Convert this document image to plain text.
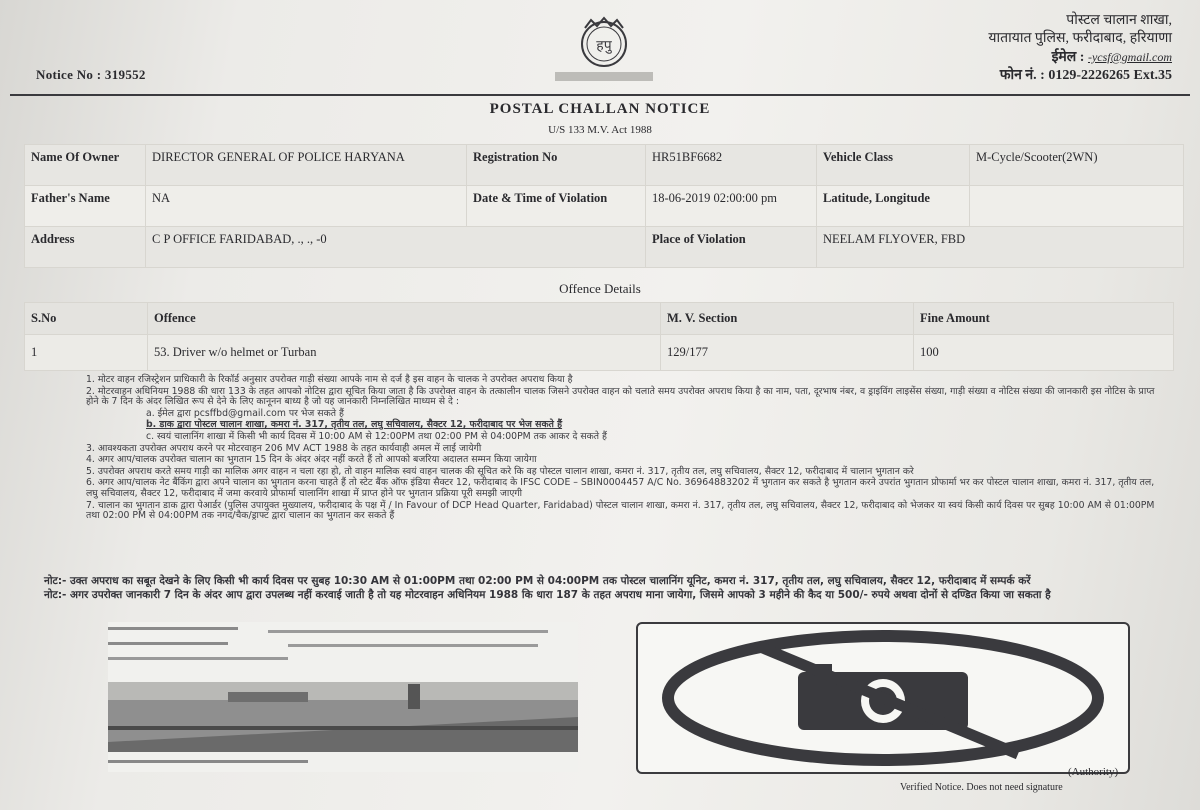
Notice No : 319552
हपु
पोस्टल चालान शाखा,
यातायात पुलिस, फरीदाबाद, हरियाणा
ईमेल : -ycsf@gmail.com
फोन नं. : 0129-2226265 Ext.35
POSTAL CHALLAN NOTICE
U/S 133 M.V. Act 1988
Name Of Owner	DIRECTOR GENERAL OF POLICE HARYANA	Registration No	HR51BF6682	Vehicle Class	M-Cycle/Scooter(2WN)
Father's Name	NA	Date & Time of Violation	18-06-2019 02:00:00 pm	Latitude, Longitude	
Address	C P OFFICE FARIDABAD, ., ., -0		Place of Violation	NEELAM FLYOVER, FBD	
Offence Details
S.No	Offence	M. V. Section	Fine Amount
1	53. Driver w/o helmet or Turban	129/177	100

1. मोटर वाहन रजिस्ट्रेशन प्राधिकारी के रिकॉर्ड अनुसार उपरोक्त गाड़ी संख्या आपके नाम से दर्ज है इस वाहन के चालक ने उपरोक्त अपराध किया है

2. मोटरवाहन अधिनियम 1988 की धारा 133 के तहत आपको नोटिस द्वारा सूचित किया जाता है कि उपरोक्त वाहन के तत्कालीन चालक जिसने उपरोक्त वाहन को चलाते समय उपरोक्त अपराध किया है का नाम, पता, दूरभाष नंबर, व ड्राइविंग लाइसेंस संख्या, गाड़ी संख्या व नोटिस संख्या की जानकारी इस नोटिस के प्राप्त होने के 7 दिन के अंदर लिखित रूप से देने के लिए कानूनन बाध्य है जो यह जानकारी निम्नलिखित माध्यम से दे :

a. ईमेल द्वारा pcsffbd@gmail.com पर भेज सकते हैं

b. डाक द्वारा पोस्टल चालान शाखा, कमरा नं. 317, तृतीय तल, लघु सचिवालय, सैक्टर 12, फरीदाबाद पर भेज सकते हैं

c. स्वयं चालानिंग शाखा में किसी भी कार्य दिवस में 10:00 AM से 12:00PM तथा 02:00 PM से 04:00PM तक आकर दे सकते हैं

3. आवश्यकता उपरोक्त अपराध करने पर मोटरवाहन 206 MV ACT 1988 के तहत कार्यवाही अमल में लाई जायेगी

4. अगर आप/चालक उपरोक्त चालान का भुगतान 15 दिन के अंदर अंदर नहीं करते हैं तो आपको बजरिया अदालत सम्मन किया जायेगा

5. उपरोक्त अपराध करते समय गाड़ी का मालिक अगर वाहन न चला रहा हो, तो वाहन मालिक स्वयं वाहन चालक की सूचित करे कि वह पोस्टल चालान शाखा, कमरा नं. 317, तृतीय तल, लघु सचिवालय, सैक्टर 12, फरीदाबाद में चालान भुगतान करे

6. अगर आप/चालक नेट बैंकिंग द्वारा अपने चालान का भुगतान करना चाहते हैं तो स्टेट बैंक ऑफ इंडिया सैक्टर 12, फरीदाबाद के IFSC CODE – SBIN0004457 A/C No. 36964883202 में भुगतान कर सकते है भुगतान करने उपरांत भुगतान प्रोफार्मा भर कर पोस्टल चालान शाखा, कमरा नं. 317, तृतीय तल, लघु सचिवालय, सैक्टर 12, फरीदाबाद में जमा करवाये प्रोफार्मा चालानिंग शाखा में प्राप्त होने पर भुगतान प्रक्रिया पूरी समझी जाएगी

7. चालान का भुगतान डाक द्वारा पेआर्डर (पुलिस उपायुक्त मुख्यालय, फरीदाबाद के पक्ष में / In Favour of DCP Head Quarter, Faridabad) पोस्टल चालान शाखा, कमरा नं. 317, तृतीय तल, लघु सचिवालय, सैक्टर 12, फरीदाबाद को भेजकर या स्वयं किसी कार्य दिवस पर सुबह 10:00 AM से 01:00PM तथा 02:00 PM से 04:00PM तक नगद/चैक/ड्राफ्ट द्वारा चालान का भुगतान कर सकते हैं

नोट:- उक्त अपराध का सबूत देखने के लिए किसी भी कार्य दिवस पर सुबह 10:30 AM से 01:00PM तथा 02:00 PM से 04:00PM तक पोस्टल चालानिंग यूनिट, कमरा नं. 317, तृतीय तल, लघु सचिवालय, सैक्टर 12, फरीदाबाद में सम्पर्क करें

नोट:- अगर उपरोक्त जानकारी 7 दिन के अंदर आप द्वारा उपलब्ध नहीं करवाई जाती है तो यह मोटरवाहन अधिनियम 1988 कि धारा 187 के तहत अपराध माना जायेगा, जिसमे आपको 3 महीने की कैद या 500/- रुपये अथवा दोनों से दण्डित किया जा सकता है

(Authority)
Verified Notice. Does not need signature
